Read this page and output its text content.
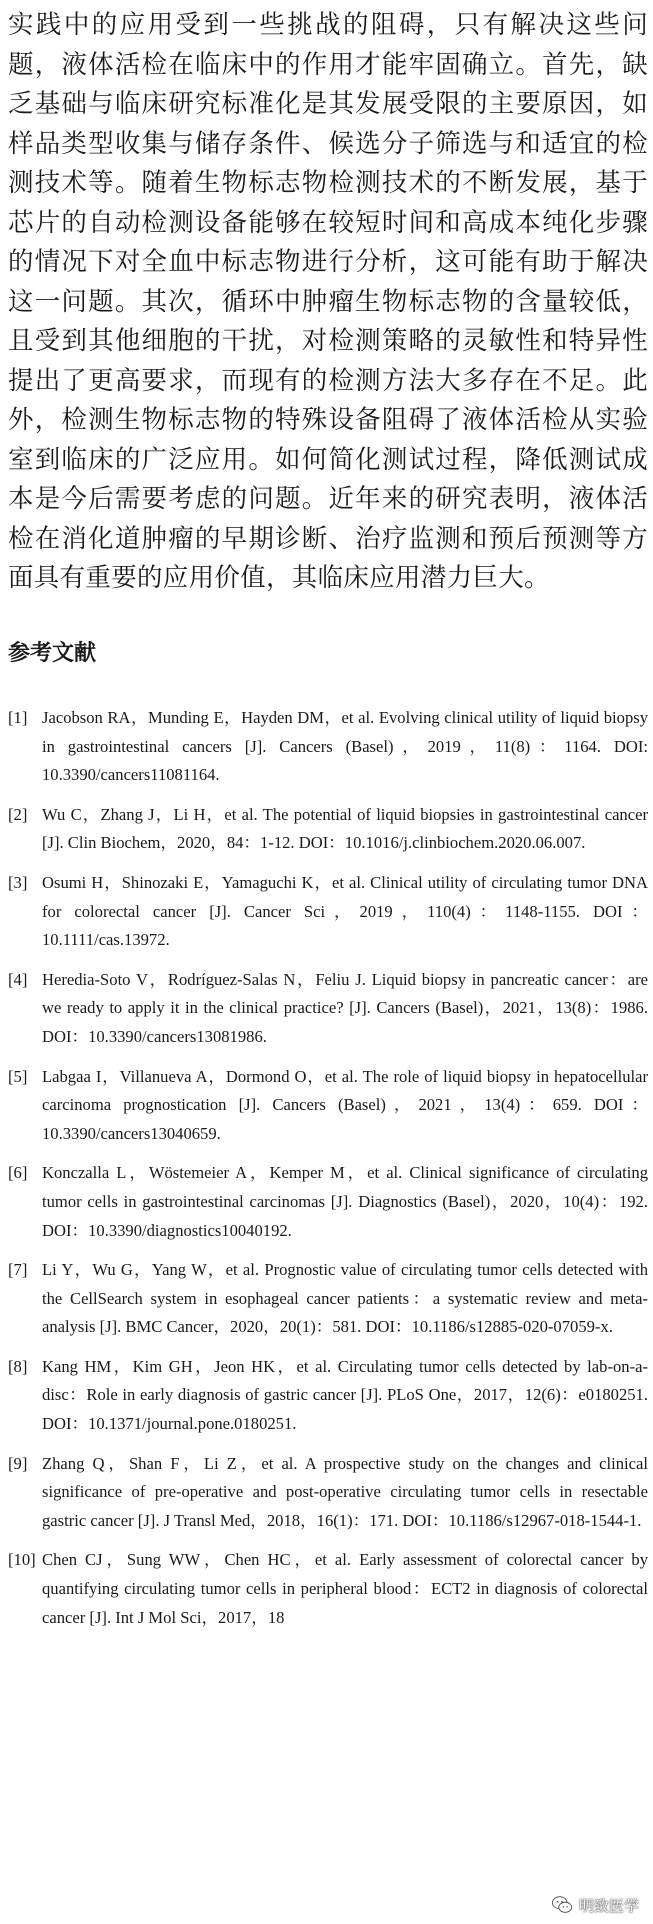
实践中的应用受到一些挑战的阻碍，只有解决这些问题，液体活检在临床中的作用才能牢固确立。首先，缺乏基础与临床研究标准化是其发展受限的主要原因，如样品类型收集与储存条件、候选分子筛选与和适宜的检测技术等。随着生物标志物检测技术的不断发展，基于芯片的自动检测设备能够在较短时间和高成本纯化步骤的情况下对全血中标志物进行分析，这可能有助于解决这一问题。其次，循环中肿瘤生物标志物的含量较低，且受到其他细胞的干扰，对检测策略的灵敏性和特异性提出了更高要求，而现有的检测方法大多存在不足。此外，检测生物标志物的特殊设备阻碍了液体活检从实验室到临床的广泛应用。如何简化测试过程，降低测试成本是今后需要考虑的问题。近年来的研究表明，液体活检在消化道肿瘤的早期诊断、治疗监测和预后预测等方面具有重要的应用价值，其临床应用潜力巨大。

参考文献
[1] Jacobson RA，Munding E，Hayden DM，et al. Evolving clinical utility of liquid biopsy in gastrointestinal cancers [J]. Cancers (Basel)，2019，11(8)：1164. DOI: 10.3390/cancers11081164.
[2] Wu C，Zhang J，Li H，et al. The potential of liquid biopsies in gastrointestinal cancer [J]. Clin Biochem，2020，84：1-12. DOI：10.1016/j.clinbiochem.2020.06.007.
[3] Osumi H，Shinozaki E，Yamaguchi K，et al. Clinical utility of circulating tumor DNA for colorectal cancer [J]. Cancer Sci，2019，110(4)：1148-1155. DOI：10.1111/cas.13972.
[4] Heredia-Soto V，Rodríguez-Salas N，Feliu J. Liquid biopsy in pancreatic cancer：are we ready to apply it in the clinical practice? [J]. Cancers (Basel)，2021，13(8)：1986. DOI：10.3390/cancers13081986.
[5] Labgaa I，Villanueva A，Dormond O，et al. The role of liquid biopsy in hepatocellular carcinoma prognostication [J]. Cancers (Basel)，2021，13(4)：659. DOI：10.3390/cancers13040659.
[6] Konczalla L，Wöstemeier A，Kemper M，et al. Clinical significance of circulating tumor cells in gastrointestinal carcinomas [J]. Diagnostics (Basel)，2020，10(4)：192. DOI：10.3390/diagnostics10040192.
[7] Li Y，Wu G，Yang W，et al. Prognostic value of circulating tumor cells detected with the CellSearch system in esophageal cancer patients：a systematic review and meta-analysis [J]. BMC Cancer，2020，20(1)：581. DOI：10.1186/s12885-020-07059-x.
[8] Kang HM，Kim GH，Jeon HK，et al. Circulating tumor cells detected by lab-on-a-disc：Role in early diagnosis of gastric cancer [J]. PLoS One，2017，12(6)：e0180251. DOI：10.1371/journal.pone.0180251.
[9] Zhang Q，Shan F，Li Z，et al. A prospective study on the changes and clinical significance of pre-operative and post-operative circulating tumor cells in resectable gastric cancer [J]. J Transl Med，2018，16(1)：171. DOI：10.1186/s12967-018-1544-1.
[10] Chen CJ，Sung WW，Chen HC，et al. Early assessment of colorectal cancer by quantifying circulating tumor cells in peripheral blood：ECT2 in diagnosis of colorectal cancer [J]. Int J Mol Sci，2017，18
明致医学
